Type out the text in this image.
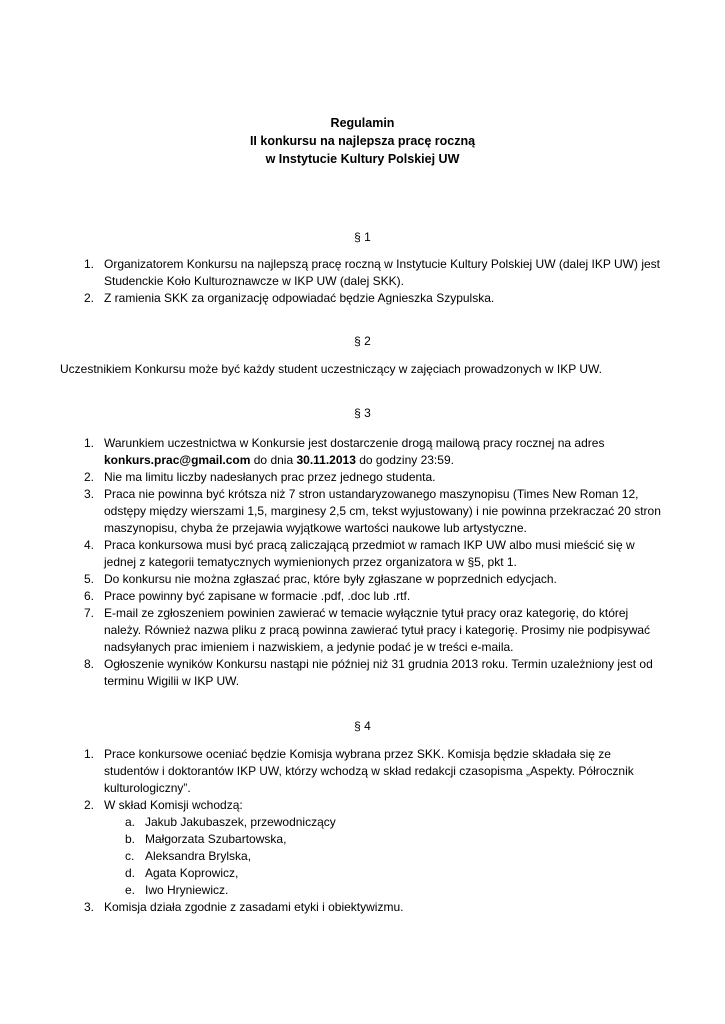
Regulamin
II konkursu na najlepsza pracę roczną
w Instytucie Kultury Polskiej UW
§ 1
1. Organizatorem Konkursu na najlepszą pracę roczną w Instytucie Kultury Polskiej UW (dalej IKP UW) jest Studenckie Koło Kulturoznawcze w IKP UW (dalej SKK).
2. Z ramienia SKK za organizację odpowiadać będzie Agnieszka Szypulska.
§ 2
Uczestnikiem Konkursu może być każdy student uczestniczący w zajęciach prowadzonych w IKP UW.
§ 3
1. Warunkiem uczestnictwa w Konkursie jest dostarczenie drogą mailową pracy rocznej na adres konkurs.prac@gmail.com do dnia 30.11.2013 do godziny 23:59.
2. Nie ma limitu liczby nadesłanych prac przez jednego studenta.
3. Praca nie powinna być krótsza niż 7 stron ustandaryzowanego maszynopisu (Times New Roman 12, odstępy między wierszami 1,5, marginesy 2,5 cm, tekst wyjustowany) i nie powinna przekraczać 20 stron maszynopisu, chyba że przejawia wyjątkowe wartości naukowe lub artystyczne.
4. Praca konkursowa musi być pracą zaliczającą przedmiot w ramach IKP UW albo musi mieścić się w jednej z kategorii tematycznych wymienionych przez organizatora w §5, pkt 1.
5. Do konkursu nie można zgłaszać prac, które były zgłaszane w poprzednich edycjach.
6. Prace powinny być zapisane w formacie .pdf, .doc lub .rtf.
7. E-mail ze zgłoszeniem powinien zawierać w temacie wyłącznie tytuł pracy oraz kategorię, do której należy. Również nazwa pliku z pracą powinna zawierać tytuł pracy i kategorię. Prosimy nie podpisywać nadsyłanych prac imieniem i nazwiskiem, a jedynie podać je w treści e-maila.
8. Ogłoszenie wyników Konkursu nastąpi nie później niż 31 grudnia 2013 roku. Termin uzależniony jest od terminu Wigilii w IKP UW.
§ 4
1. Prace konkursowe oceniać będzie Komisja wybrana przez SKK. Komisja będzie składała się ze studentów i doktorantów IKP UW, którzy wchodzą w skład redakcji czasopisma „Aspekty. Półrocznik kulturologiczny”.
2. W skład Komisji wchodzą:
a. Jakub Jakubaszek, przewodniczący
b. Małgorzata Szubartowska,
c. Aleksandra Brylska,
d. Agata Koprowicz,
e. Iwo Hryniewicz.
3. Komisja działa zgodnie z zasadami etyki i obiektywizmu.
